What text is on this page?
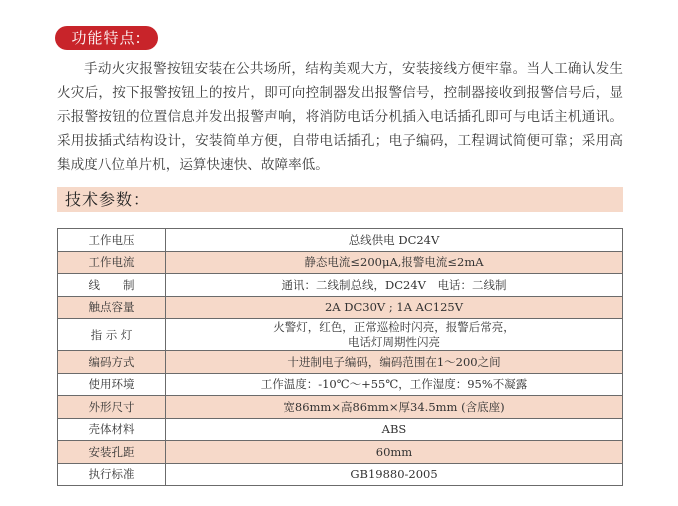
功能特点:
手动火灾报警按钮安装在公共场所，结构美观大方，安装接线方便牢靠。当人工确认发生火灾后，按下报警按钮上的按片，即可向控制器发出报警信号，控制器接收到报警信号后，显示报警按钮的位置信息并发出报警声响，将消防电话分机插入电话插孔即可与电话主机通讯。采用拔插式结构设计，安装简单方便，自带电话插孔；电子编码，工程调试简便可靠；采用高集成度八位单片机，运算快速快、故障率低。
技术参数：
工作电压	总线供电 DC24V
工作电流	静态电流≤200μA,报警电流≤2mA
线　　制	通讯：二线制总线，DC24V　电话：二线制
触点容量	2A DC30V ; 1A AC125V
指 示 灯	火警灯，红色，正常巡检时闪亮，报警后常亮，
电话灯周期性闪亮

编码方式	十进制电子编码，编码范围在1～200之间
使用环境	工作温度：-10℃～+55℃，工作湿度：95%不凝露
外形尺寸	宽86mm×高86mm×厚34.5mm (含底座)
壳体材料	ABS
安装孔距	60mm
执行标准	GB19880-2005
